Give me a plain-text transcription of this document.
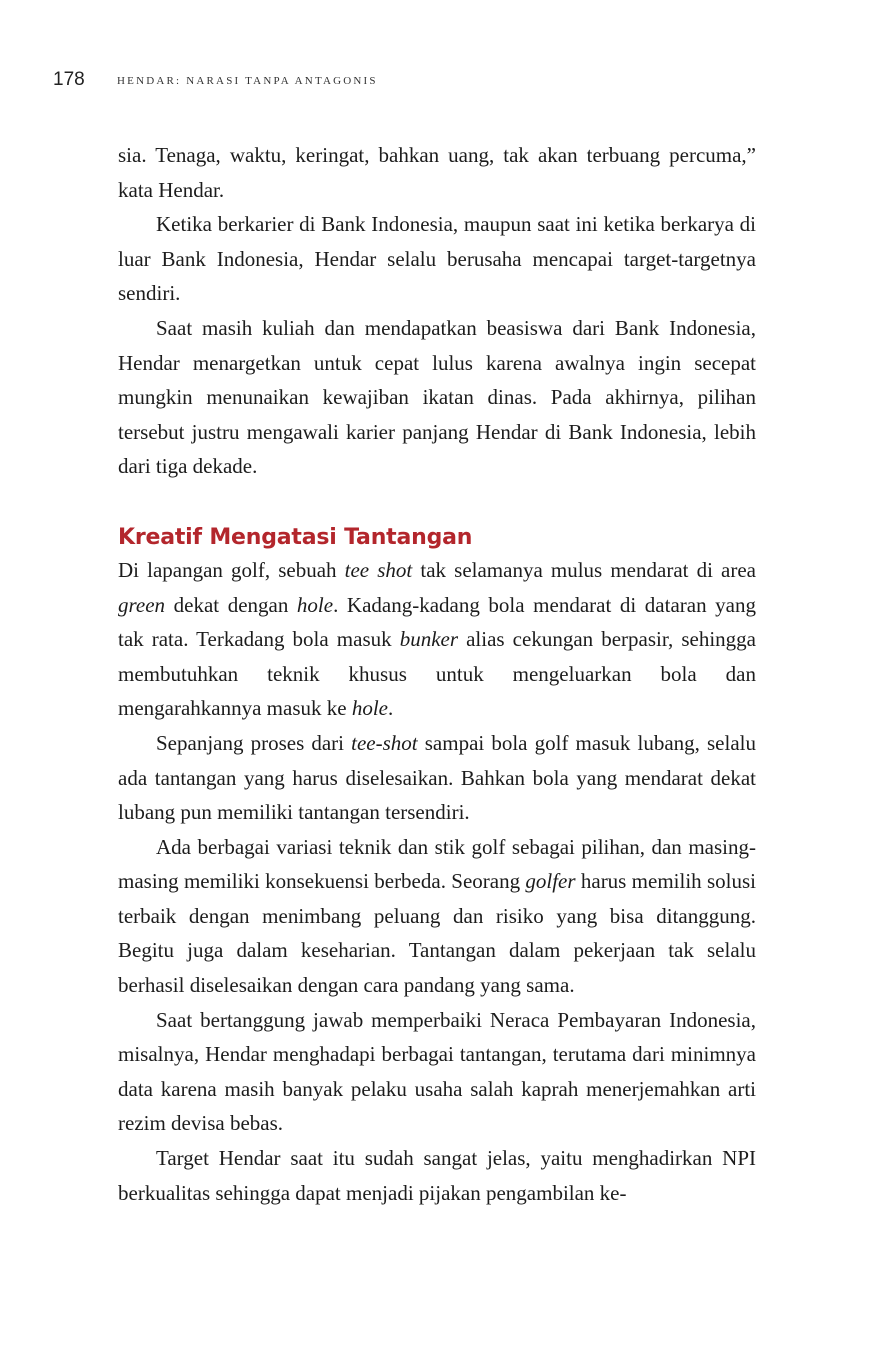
178	HENDAR: NARASI TANPA ANTAGONIS

sia. Tenaga, waktu, keringat, bahkan uang, tak akan terbuang percuma,” kata Hendar.

Ketika berkarier di Bank Indonesia, maupun saat ini ketika berkarya di luar Bank Indonesia, Hendar selalu berusaha mencapai target-targetnya sendiri.

Saat masih kuliah dan mendapatkan beasiswa dari Bank Indonesia, Hendar menargetkan untuk cepat lulus karena awalnya ingin secepat mungkin menunaikan kewajiban ikatan dinas. Pada akhirnya, pilihan tersebut justru mengawali karier panjang Hendar di Bank Indonesia, lebih dari tiga dekade.

Kreatif Mengatasi Tantangan

Di lapangan golf, sebuah tee shot tak selamanya mulus mendarat di area green dekat dengan hole. Kadang-kadang bola mendarat di dataran yang tak rata. Terkadang bola masuk bunker alias cekungan berpasir, sehingga membutuhkan teknik khusus untuk mengeluarkan bola dan mengarahkannya masuk ke hole.

Sepanjang proses dari tee-shot sampai bola golf masuk lubang, selalu ada tantangan yang harus diselesaikan. Bahkan bola yang mendarat dekat lubang pun memiliki tantangan tersendiri.

Ada berbagai variasi teknik dan stik golf sebagai pilihan, dan masing-masing memiliki konsekuensi berbeda. Seorang golfer harus memilih solusi terbaik dengan menimbang peluang dan risiko yang bisa ditanggung. Begitu juga dalam keseharian. Tantangan dalam pekerjaan tak selalu berhasil diselesaikan dengan cara pandang yang sama.

Saat bertanggung jawab memperbaiki Neraca Pembayaran Indonesia, misalnya, Hendar menghadapi berbagai tantangan, terutama dari minimnya data karena masih banyak pelaku usaha salah kaprah menerjemahkan arti rezim devisa bebas.

Target Hendar saat itu sudah sangat jelas, yaitu menghadirkan NPI berkualitas sehingga dapat menjadi pijakan pengambilan ke-
